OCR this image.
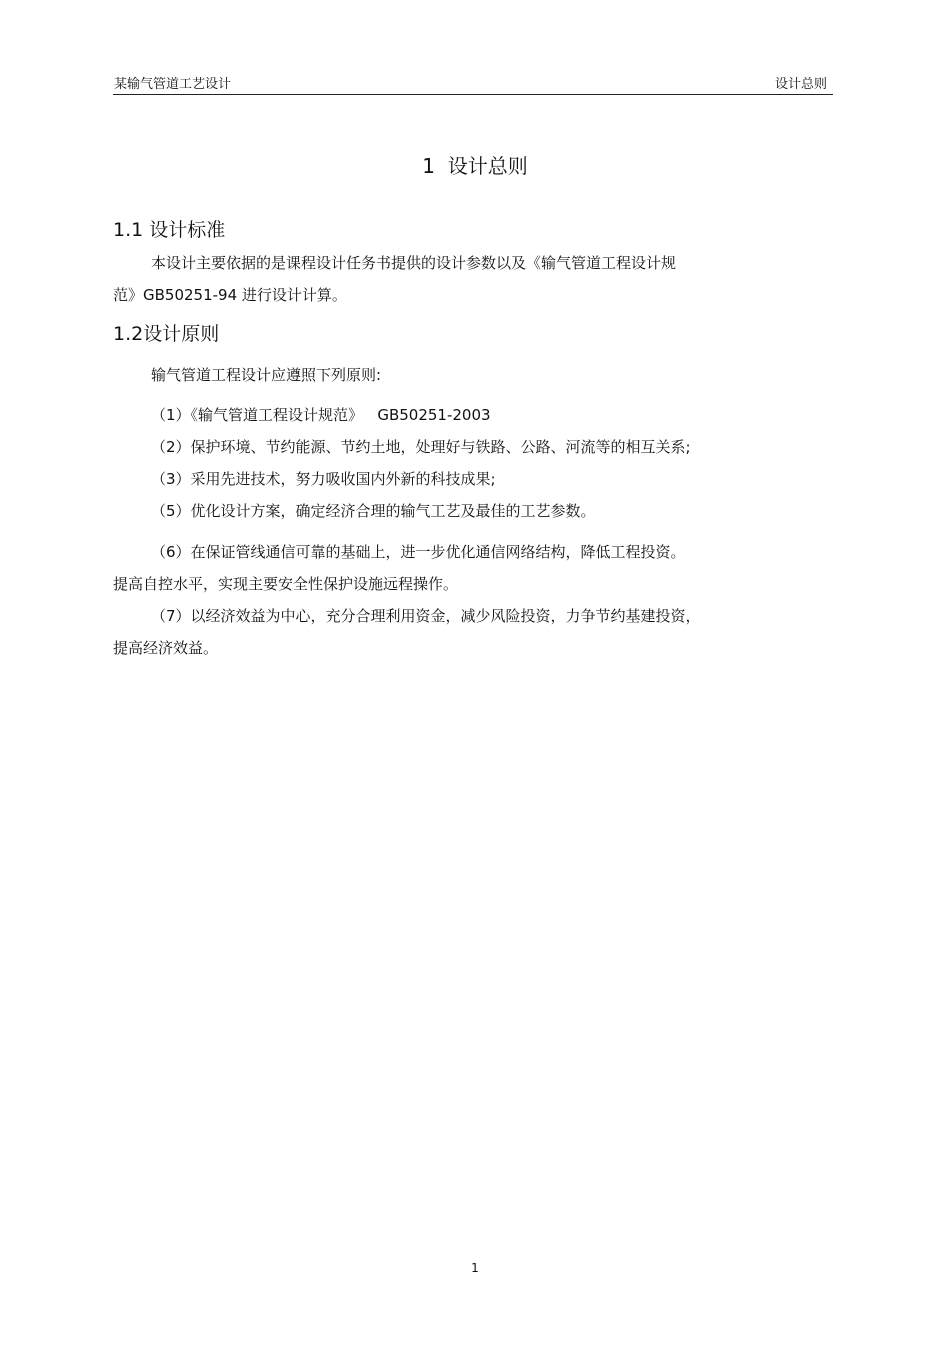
某输气管道工艺设计	设计总则
1  设计总则
1.1 设计标准
本设计主要依据的是课程设计任务书提供的设计参数以及《输气管道工程设计规
范》GB50251-94 进行设计计算。
1.2设计原则
输气管道工程设计应遵照下列原则:
（1）《输气管道工程设计规范》   GB50251-2003
（2）保护环境、节约能源、节约土地，处理好与铁路、公路、河流等的相互关系;
（3）采用先进技术，努力吸收国内外新的科技成果;
（5）优化设计方案，确定经济合理的输气工艺及最佳的工艺参数。
（6）在保证管线通信可靠的基础上，进一步优化通信网络结构，降低工程投资。
提高自控水平，实现主要安全性保护设施远程操作。
（7）以经济效益为中心，充分合理利用资金，减少风险投资，力争节约基建投资，
提高经济效益。
1
